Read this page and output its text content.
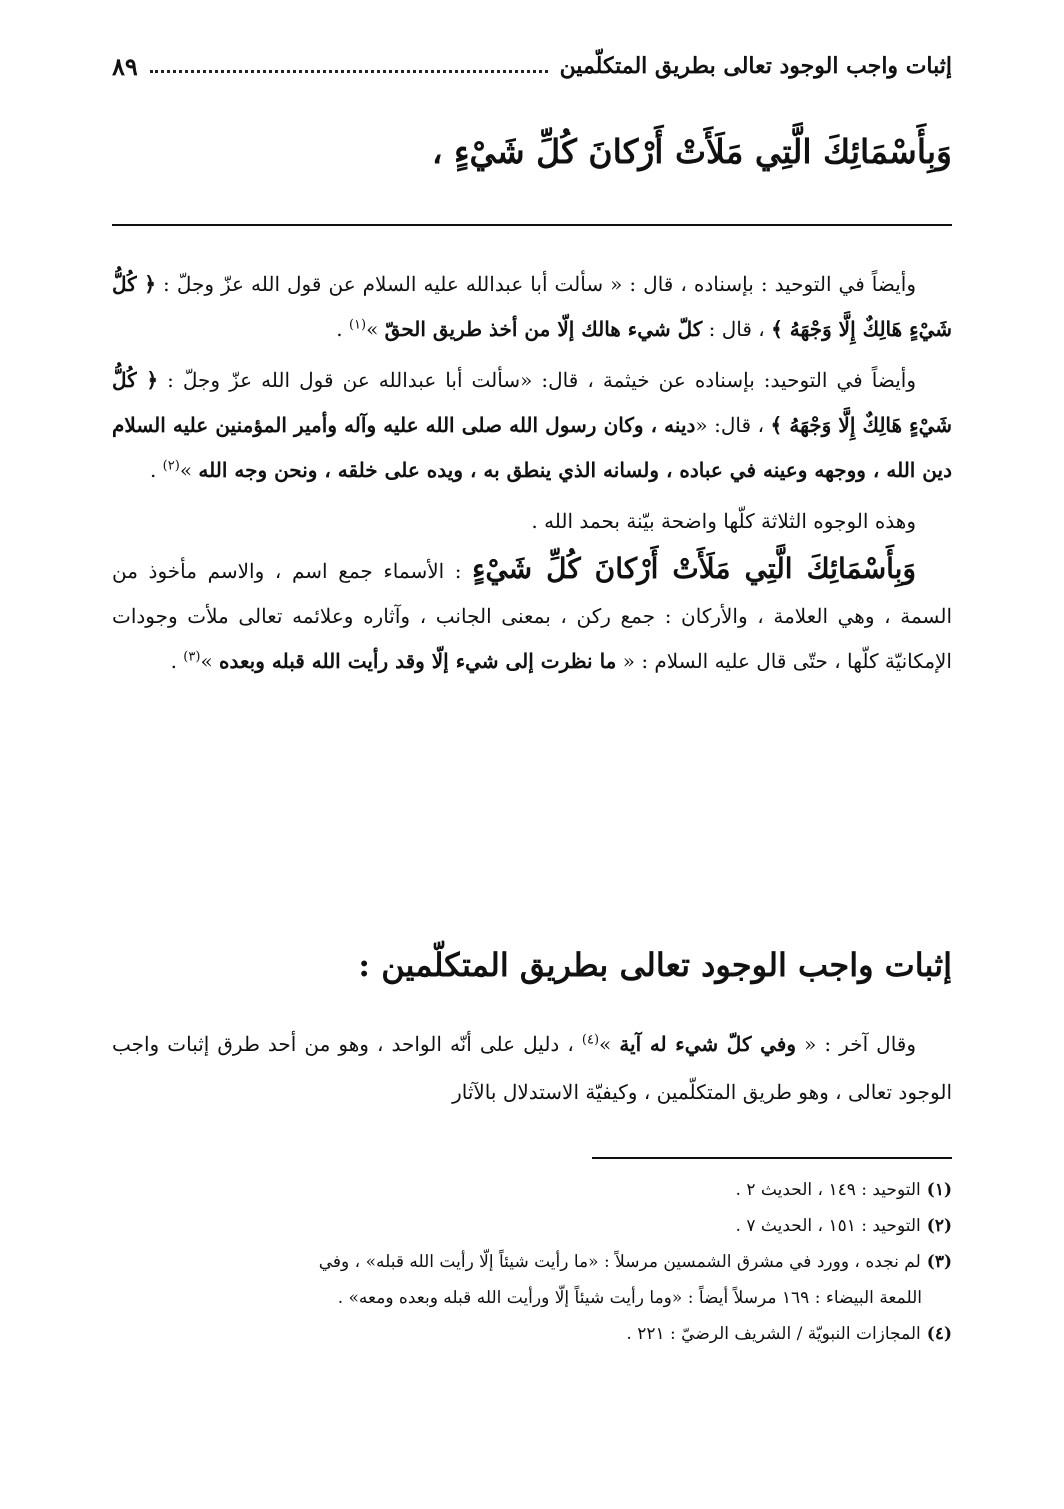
إثبات واجب الوجود تعالى بطريق المتكلّمين
٨٩
وَبِأَسْمَائِكَ الَّتِي مَلَأَتْ أَرْكانَ كُلِّ شَيْءٍ ،

وأيضاً في التوحيد : بإسناده ، قال : « سألت أبا عبدالله عليه السلام عن قول الله عزّ وجلّ : ﴿ كُلُّ شَيْءٍ هَالِكٌ إِلَّا وَجْهَهُ ﴾ ، قال : كلّ شيء هالك إلّا من أخذ طريق الحقّ »$^{(١)}$ .

وأيضاً في التوحيد: بإسناده عن خيثمة ، قال: «سألت أبا عبدالله عن قول الله عزّ وجلّ : ﴿ كُلُّ شَيْءٍ هَالِكٌ إِلَّا وَجْهَهُ ﴾ ، قال: «دينه ، وكان رسول الله صلى الله عليه وآله وأمير المؤمنين عليه السلام دين الله ، ووجهه وعينه في عباده ، ولسانه الذي ينطق به ، ويده على خلقه ، ونحن وجه الله »$^{(٢)}$ .

وهذه الوجوه الثلاثة كلّها واضحة بيّنة بحمد الله .

وَبِأَسْمَائِكَ الَّتِي مَلَأَتْ أَرْكانَ كُلِّ شَيْءٍ : الأسماء جمع اسم ، والاسم مأخوذ من السمة ، وهي العلامة ، والأركان : جمع ركن ، بمعنى الجانب ، وآثاره وعلائمه تعالى ملأت وجودات الإمكانيّة كلّها ، حتّى قال عليه السلام : « ما نظرت إلى شيء إلّا وقد رأيت الله قبله وبعده »$^{(٣)}$ .

إثبات واجب الوجود تعالى بطريق المتكلّمين :

وقال آخر : « وفي كلّ شيء له آية »$^{(٤)}$ ، دليل على أنّه الواحد ، وهو من أحد طرق إثبات واجب الوجود تعالى ، وهو طريق المتكلّمين ، وكيفيّة الاستدلال بالآثار

(١)التوحيد : ١٤٩ ، الحديث ٢ .

(٢)التوحيد : ١٥١ ، الحديث ٧ .

(٣)لم نجده ، وورد في مشرق الشمسين مرسلاً : «ما رأيت شيئاً إلّا رأيت الله قبله» ، وفي

اللمعة البيضاء : ١٦٩ مرسلاً أيضاً : «وما رأيت شيئاً إلّا ورأيت الله قبله وبعده ومعه» .

(٤)المجازات النبويّة / الشريف الرضيّ : ٢٢١ .
